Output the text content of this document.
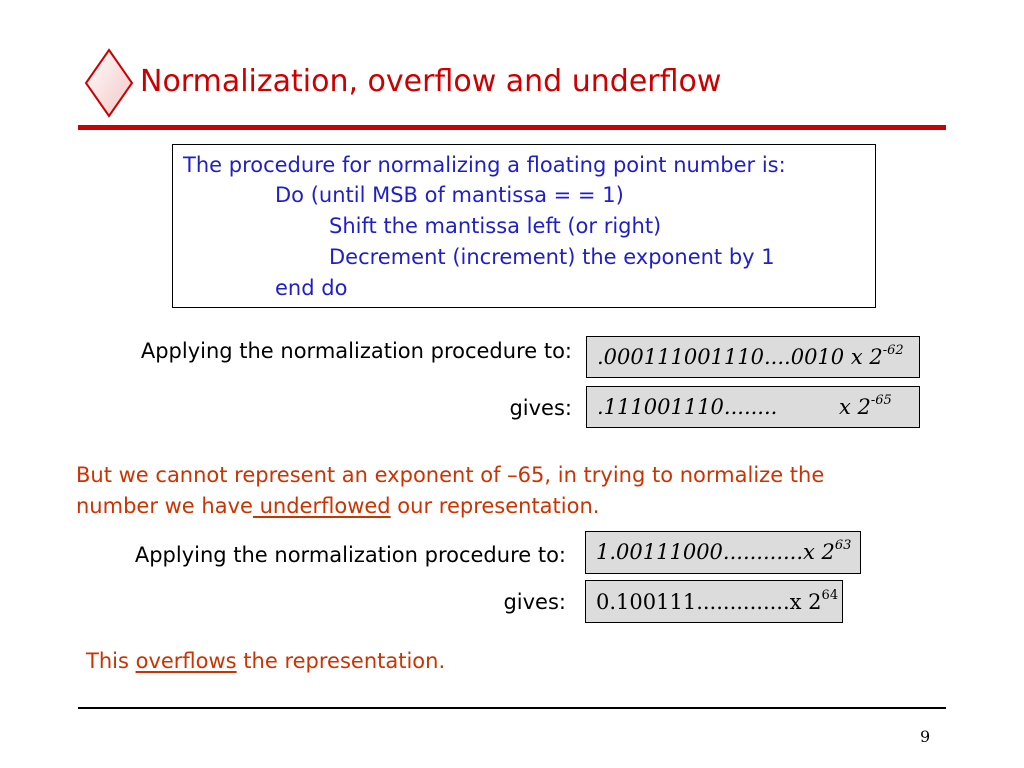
Normalization, overflow and underflow
The procedure for normalizing a floating point number is:
Do (until MSB of mantissa = = 1)
Shift the mantissa left (or right)
Decrement (increment) the exponent by 1
end do
Applying the normalization procedure to:	.000111001110....0010 x $2^{-62}$
gives:	.111001110........	x $2^{-65}$
But we cannot represent an exponent of –65, in trying to normalize the
number we have underflowed our representation.
Applying the normalization procedure to:	1.00111000............x $2^{63}$
gives:	0.100111..............x $2^{64}$
This overflows the representation.
9
